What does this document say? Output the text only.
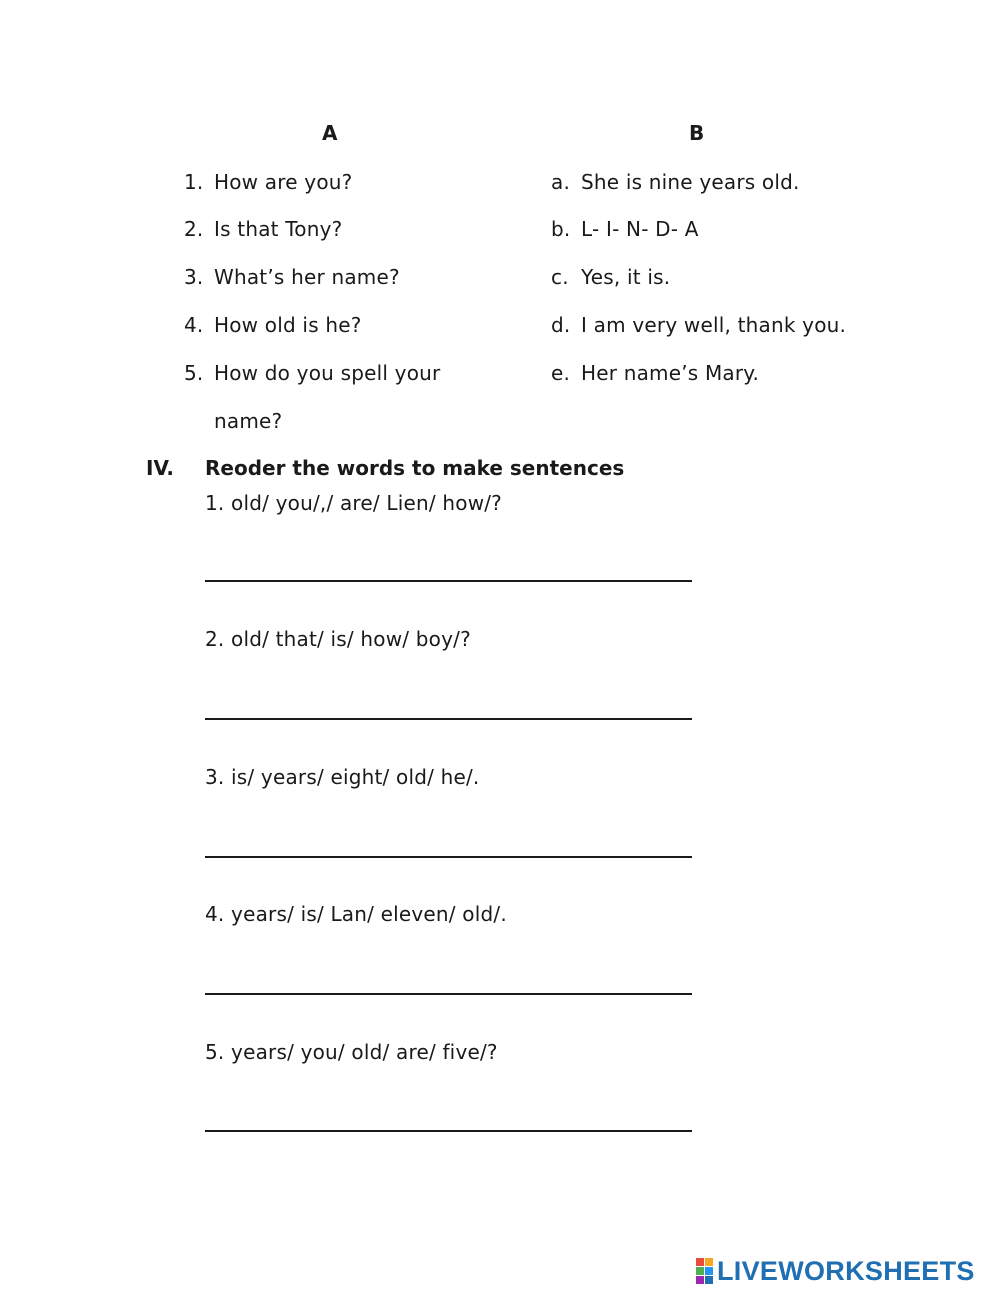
A	B
1. How are you?
2. Is that Tony?
3. What’s her name?
4. How old is he?
5. How do you spell your
name?
a. She is nine years old.
b. L- I- N- D- A
c. Yes, it is.
d. I am very well, thank you.
e. Her name’s Mary.
IV. Reoder the words to make sentences
1. old/ you/,/ are/ Lien/ how/?
2. old/ that/ is/ how/ boy/?
3. is/ years/ eight/ old/ he/.
4. years/ is/ Lan/ eleven/ old/.
5. years/ you/ old/ are/ five/?
LIVEWORKSHEETS
